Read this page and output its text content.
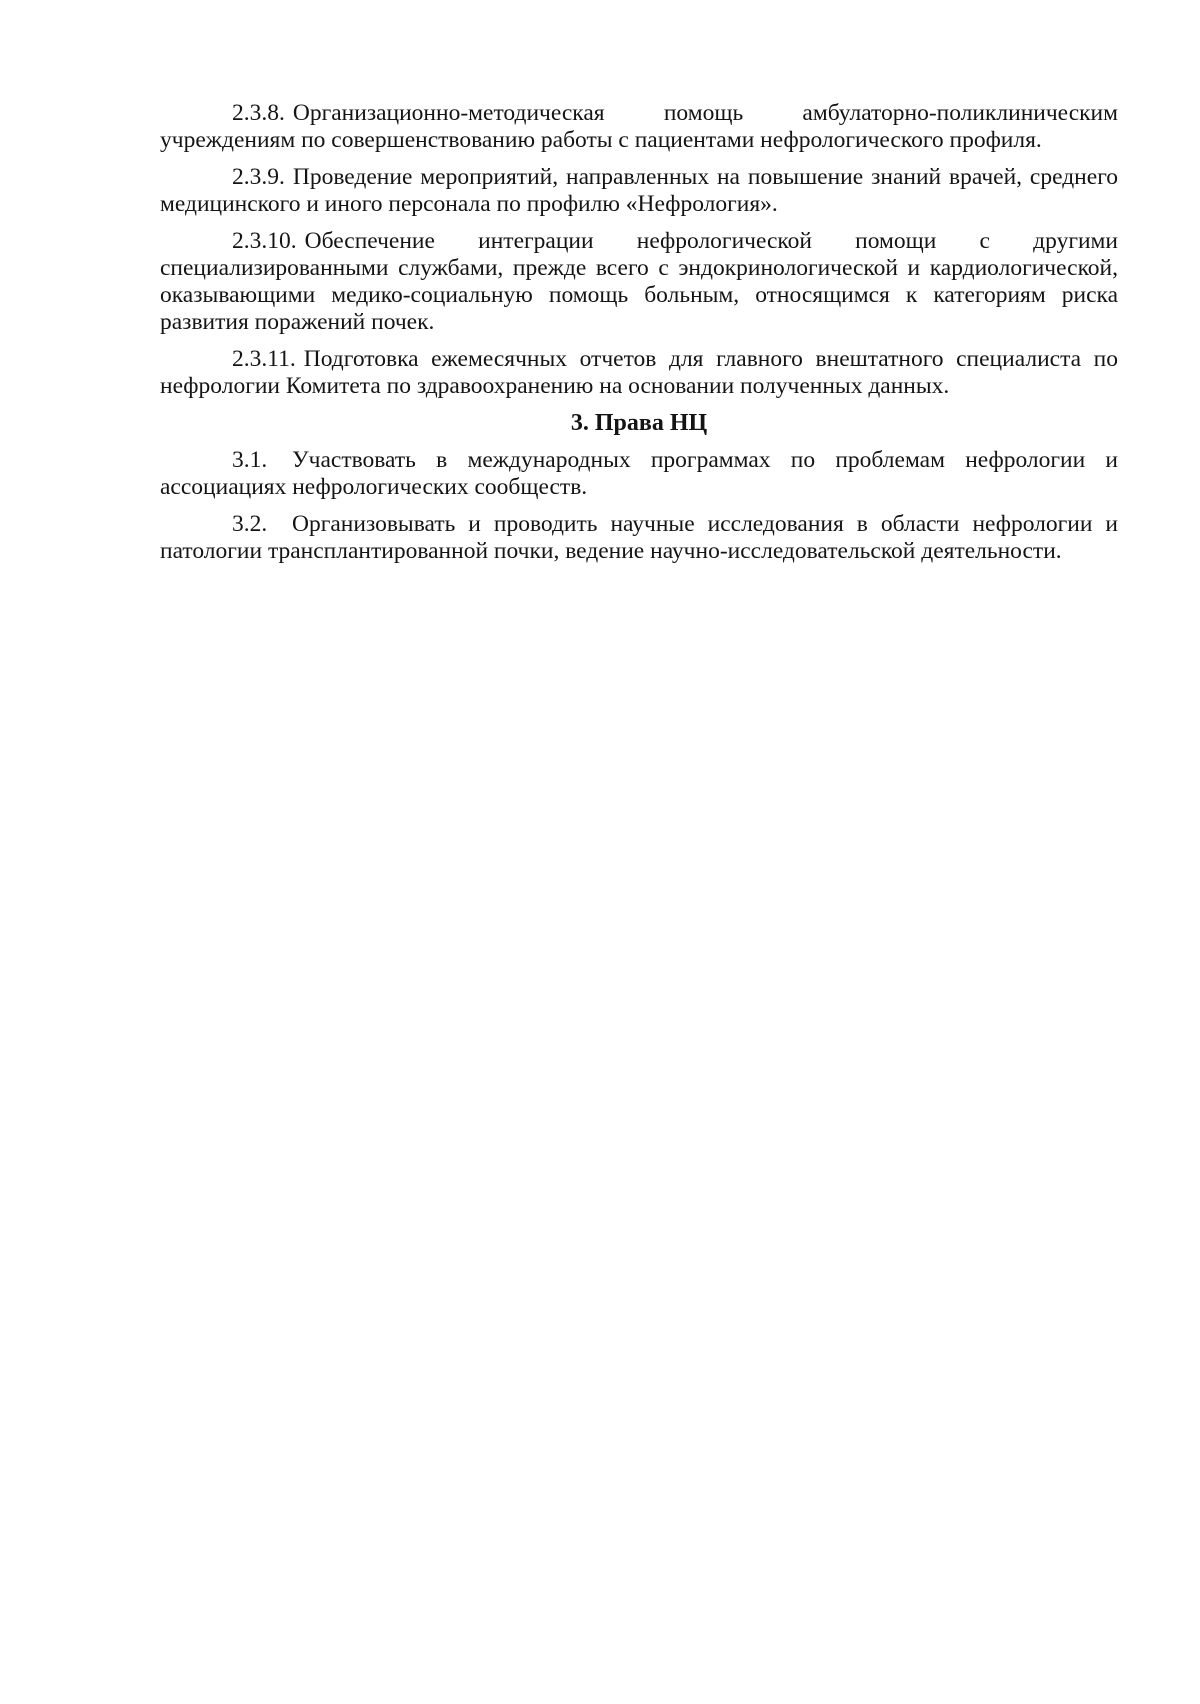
2.3.8. Организационно-методическая помощь амбулаторно-поликлиническим учреждениям по совершенствованию работы с пациентами нефрологического профиля.

2.3.9. Проведение мероприятий, направленных на повышение знаний врачей, среднего медицинского и иного персонала по профилю «Нефрология».

2.3.10. Обеспечение интеграции нефрологической помощи с другими специализированными службами, прежде всего с эндокринологической и кардиологической, оказывающими медико-социальную помощь больным, относящимся к категориям риска развития поражений почек.

2.3.11. Подготовка ежемесячных отчетов для главного внештатного специалиста по нефрологии Комитета по здравоохранению на основании полученных данных.

3. Права НЦ

3.1. Участвовать в международных программах по проблемам нефрологии и ассоциациях нефрологических сообществ.

3.2. Организовывать и проводить научные исследования в области нефрологии и патологии трансплантированной почки, ведение научно-исследовательской деятельности.
